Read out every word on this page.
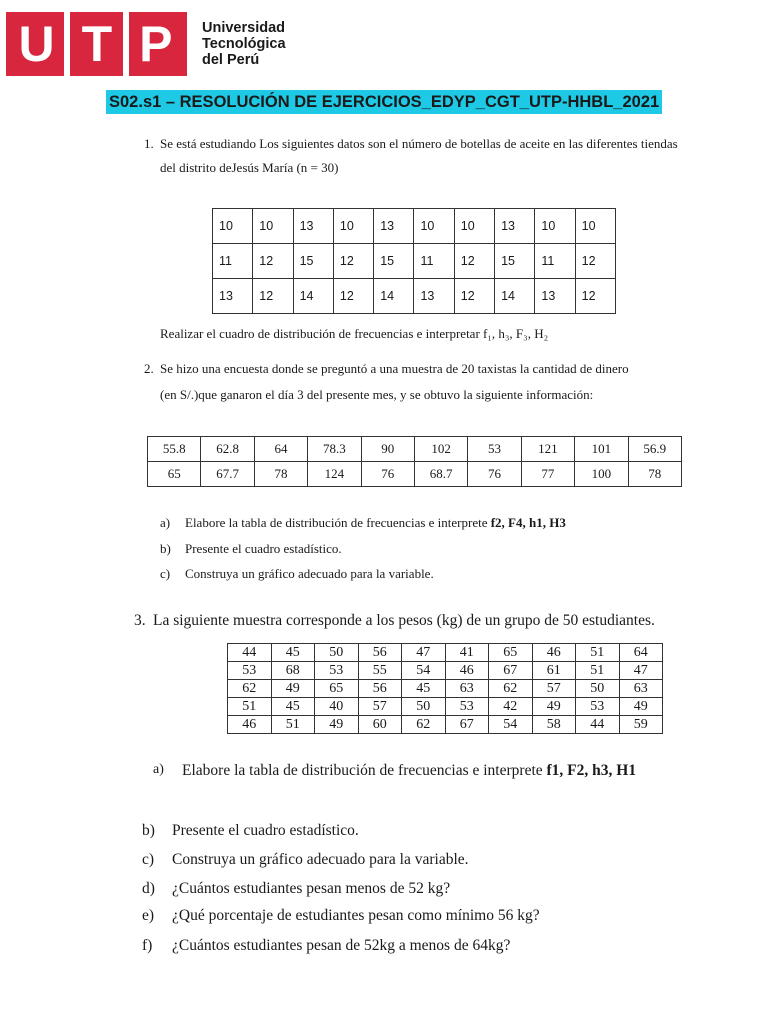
U T P Universidad
Tecnológica
del Perú
S02.s1 – RESOLUCIÓN DE EJERCICIOS_EDYP_CGT_UTP-HHBL_2021
1. Se está estudiando Los siguientes datos son el número de botellas de aceite en las diferentes tiendas
del distrito deJesús María (n = 30)
10	10	13	10	13	10	10	13	10	10
11	12	15	12	15	11	12	15	11	12
13	12	14	12	14	13	12	14	13	12
Realizar el cuadro de distribución de frecuencias e interpretar f₁, h₃, F₃, H₂
2. Se hizo una encuesta donde se preguntó a una muestra de 20 taxistas la cantidad de dinero
(en S/.)que ganaron el día 3 del presente mes, y se obtuvo la siguiente información:
55.8	62.8	64	78.3	90	102	53	121	101	56.9
65	67.7	78	124	76	68.7	76	77	100	78
a) Elabore la tabla de distribución de frecuencias e interprete f2, F4, h1, H3
b) Presente el cuadro estadístico.
c) Construya un gráfico adecuado para la variable.
3. La siguiente muestra corresponde a los pesos (kg) de un grupo de 50 estudiantes.
44	45	50	56	47	41	65	46	51	64
53	68	53	55	54	46	67	61	51	47
62	49	65	56	45	63	62	57	50	63
51	45	40	57	50	53	42	49	53	49
46	51	49	60	62	67	54	58	44	59
a) Elabore la tabla de distribución de frecuencias e interprete f1, F2, h3, H1
b) Presente el cuadro estadístico.
c) Construya un gráfico adecuado para la variable.
d) ¿Cuántos estudiantes pesan menos de 52 kg?
e) ¿Qué porcentaje de estudiantes pesan como mínimo 56 kg?
f) ¿Cuántos estudiantes pesan de 52kg a menos de 64kg?
